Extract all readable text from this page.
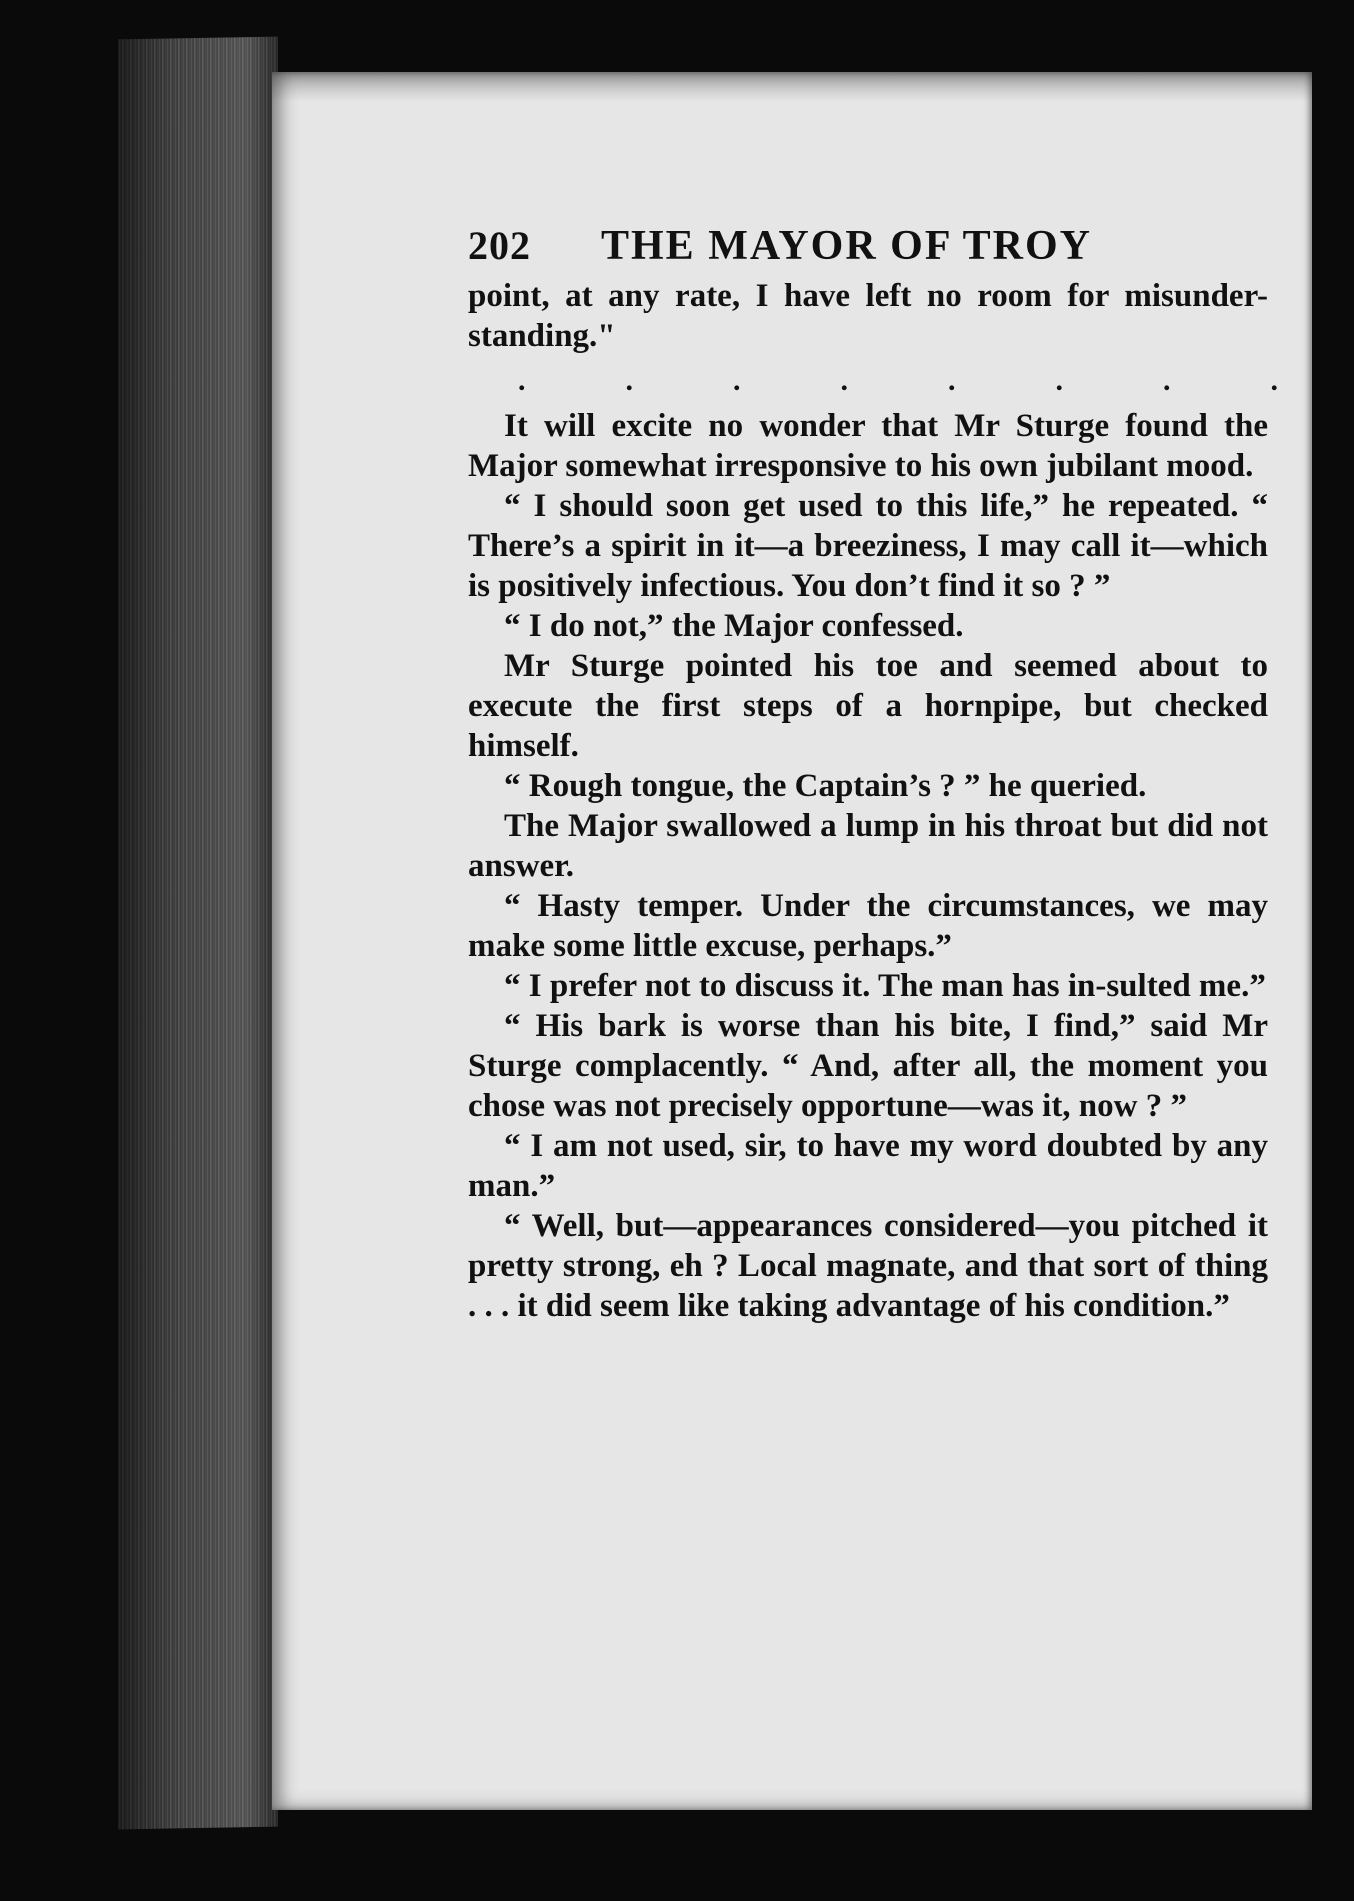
202 THE MAYOR OF TROY

point, at any rate, I have left no room for misunder-standing."

.	.	.	.	.	.	.	.

It will excite no wonder that Mr Sturge found the Major somewhat irresponsive to his own jubilant mood.

“ I should soon get used to this life,” he repeated. “ There’s a spirit in it—a breeziness, I may call it—which is positively infectious. You don’t find it so ? ”

“ I do not,” the Major confessed.

Mr Sturge pointed his toe and seemed about to execute the first steps of a hornpipe, but checked himself.

“ Rough tongue, the Captain’s ? ” he queried.

The Major swallowed a lump in his throat but did not answer.

“ Hasty temper. Under the circumstances, we may make some little excuse, perhaps.”

“ I prefer not to discuss it. The man has in-sulted me.”

“ His bark is worse than his bite, I find,” said Mr Sturge complacently. “ And, after all, the moment you chose was not precisely opportune—was it, now ? ”

“ I am not used, sir, to have my word doubted by any man.”

“ Well, but—appearances considered—you pitched it pretty strong, eh ? Local magnate, and that sort of thing . . . it did seem like taking advantage of his condition.”
